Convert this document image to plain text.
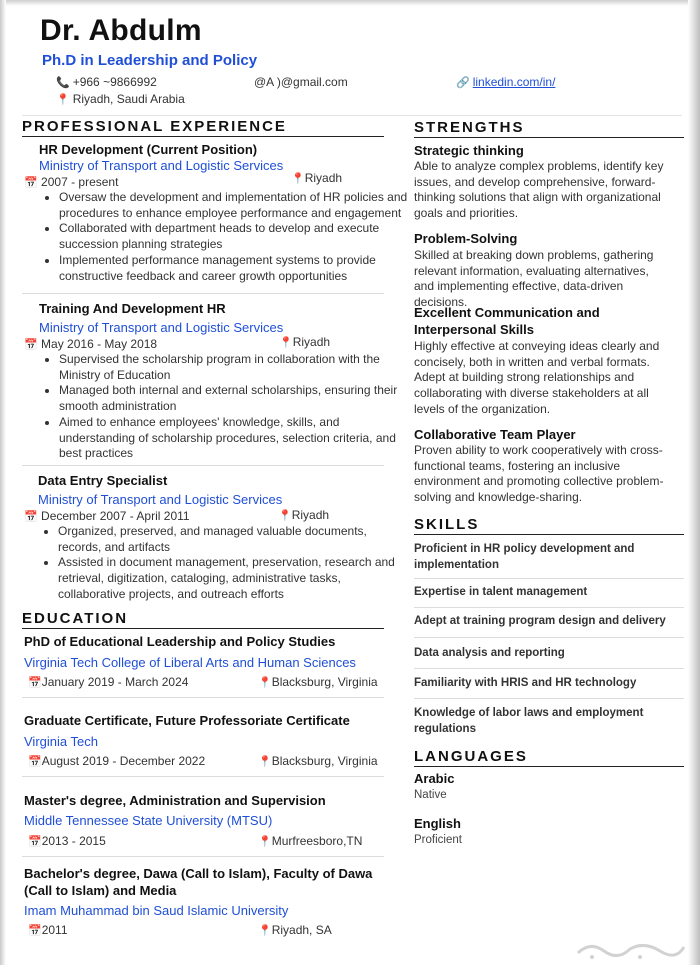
Dr. Abdulm
Ph.D in Leadership and Policy
📞 +966 ~9866992	@A )@gmail.com	🔗 linkedin.com/in/
📍 Riyadh, Saudi Arabia
PROFESSIONAL EXPERIENCE
HR Development (Current Position)
Ministry of Transport and Logistic Services
📅 2007 - present	📍Riyadh
• Oversaw the development and implementation of HR policies and procedures to enhance employee performance and engagement
• Collaborated with department heads to develop and execute succession planning strategies
• Implemented performance management systems to provide constructive feedback and career growth opportunities
Training And Development HR
Ministry of Transport and Logistic Services
📅 May 2016 - May 2018	📍Riyadh
• Supervised the scholarship program in collaboration with the Ministry of Education
• Managed both internal and external scholarships, ensuring their smooth administration
• Aimed to enhance employees' knowledge, skills, and understanding of scholarship procedures, selection criteria, and best practices
Data Entry Specialist
Ministry of Transport and Logistic Services
📅 December 2007 - April 2011	📍Riyadh
• Organized, preserved, and managed valuable documents, records, and artifacts
• Assisted in document management, preservation, research and retrieval, digitization, cataloging, administrative tasks, collaborative projects, and outreach efforts
EDUCATION
PhD of Educational Leadership and Policy Studies
Virginia Tech College of Liberal Arts and Human Sciences
📅January 2019 - March 2024	📍Blacksburg, Virginia
Graduate Certificate, Future Professoriate Certificate
Virginia Tech
📅August 2019 - December 2022	📍Blacksburg, Virginia
Master's degree, Administration and Supervision
Middle Tennessee State University (MTSU)
📅2013 - 2015	📍Murfreesboro,TN
Bachelor's degree, Dawa (Call to Islam), Faculty of Dawa (Call to Islam) and Media
Imam Muhammad bin Saud Islamic University
📅2011	📍Riyadh, SA
STRENGTHS
Strategic thinking
Able to analyze complex problems, identify key issues, and develop comprehensive, forward-thinking solutions that align with organizational goals and priorities.
Problem-Solving
Skilled at breaking down problems, gathering relevant information, evaluating alternatives, and implementing effective, data-driven decisions.
Excellent Communication and Interpersonal Skills
Highly effective at conveying ideas clearly and concisely, both in written and verbal formats. Adept at building strong relationships and collaborating with diverse stakeholders at all levels of the organization.
Collaborative Team Player
Proven ability to work cooperatively with cross-functional teams, fostering an inclusive environment and promoting collective problem-solving and knowledge-sharing.
SKILLS
Proficient in HR policy development and implementation
Expertise in talent management
Adept at training program design and delivery
Data analysis and reporting
Familiarity with HRIS and HR technology
Knowledge of labor laws and employment regulations
LANGUAGES
Arabic
Native
English
Proficient
